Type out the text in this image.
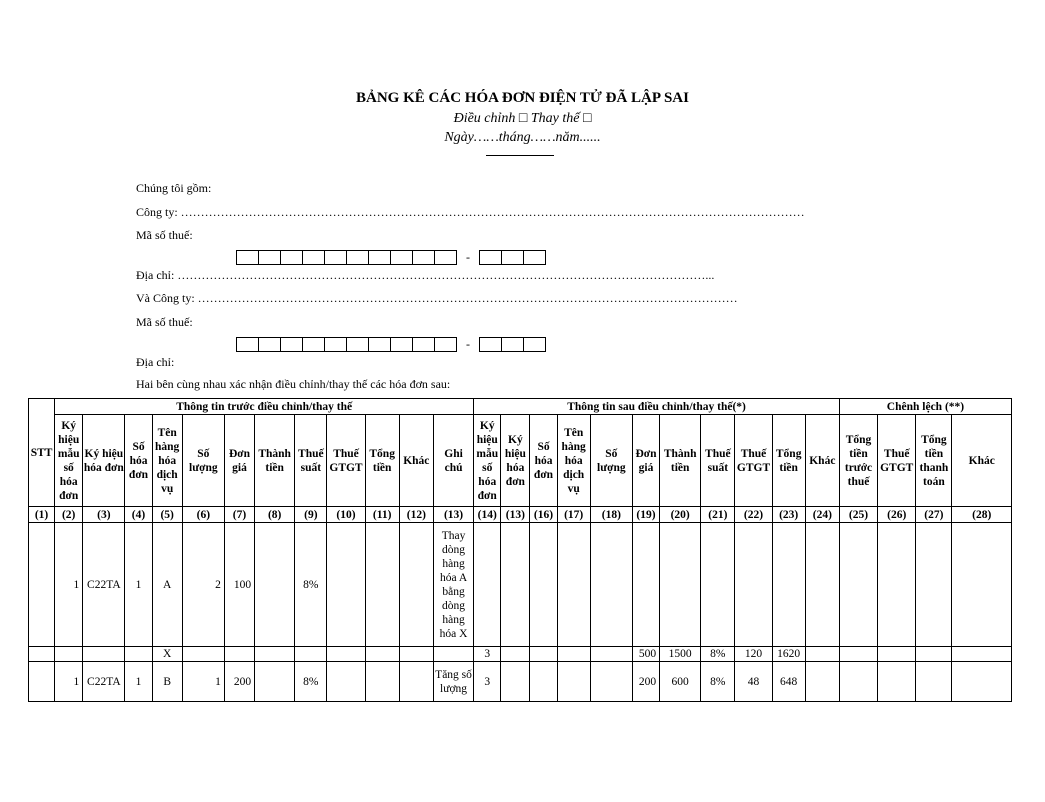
BẢNG KÊ CÁC HÓA ĐƠN ĐIỆN TỬ ĐÃ LẬP SAI
Điều chỉnh □ Thay thế □
Ngày……tháng……năm......
Chúng tôi gồm:
Công ty: …………………………………………………………………………………………………………………………………………
Mã số thuế:
-
Địa chỉ: ……………………………………………………………………………………………………………………...
Và Công ty: ………………………………………………………………………………………………………………………
Mã số thuế:
-
Địa chỉ:
Hai bên cùng nhau xác nhận điều chỉnh/thay thế các hóa đơn sau:
STT	Thông tin trước điều chỉnh/thay thế												Thông tin sau điều chỉnh/thay thế(*)											Chênh lệch (**)			
	Ký hiệu mẫu số hóa đơn	Ký hiệu hóa đơn	Số hóa đơn	Tên hàng hóa dịch vụ	Số lượng	Đơn giá	Thành tiền	Thuế suất	Thuế GTGT	Tổng tiền	Khác	Ghi chú	Ký hiệu mẫu số hóa đơn	Ký hiệu hóa đơn	Số hóa đơn	Tên hàng hóa dịch vụ	Số lượng	Đơn giá	Thành tiền	Thuế suất	Thuế GTGT	Tổng tiền	Khác	Tổng tiền trước thuế	Thuế GTGT	Tổng tiền thanh toán	Khác
(1)	(2)	(3)	(4)	(5)	(6)	(7)	(8)	(9)	(10)	(11)	(12)	(13)	(14)	(13)	(16)	(17)	(18)	(19)	(20)	(21)	(22)	(23)	(24)	(25)	(26)	(27)	(28)
	1	C22TA	1	A	2	100		8%				Thay dòng hàng hóa A bằng dòng hàng hóa X															
				X									3					500	1500	8%	120	1620					
	1	C22TA	1	B	1	200		8%				Tăng số lượng	3					200	600	8%	48	648					
